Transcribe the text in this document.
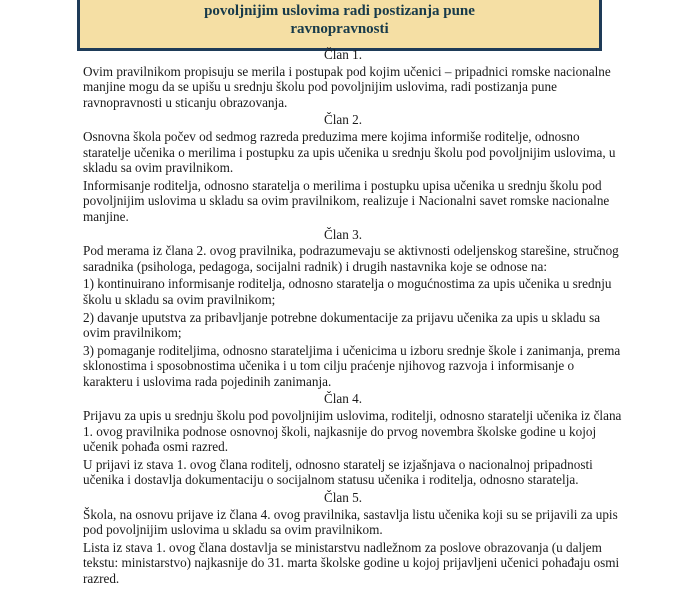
povoljnijim uslovima radi postizanja pune
ravnopravnosti
Član 1.
Ovim pravilnikom propisuju se merila i postupak pod kojim učenici – pripadnici romske nacionalne
manjine mogu da se upišu u srednju školu pod povoljnijim uslovima, radi postizanja pune
ravnopravnosti u sticanju obrazovanja.
Član 2.
Osnovna škola počev od sedmog razreda preduzima mere kojima informiše roditelje, odnosno
staratelje učenika o merilima i postupku za upis učenika u srednju školu pod povoljnijim uslovima, u
skladu sa ovim pravilnikom.
Informisanje roditelja, odnosno staratelja o merilima i postupku upisa učenika u srednju školu pod
povoljnijim uslovima u skladu sa ovim pravilnikom, realizuje i Nacionalni savet romske nacionalne
manjine.
Član 3.
Pod merama iz člana 2. ovog pravilnika, podrazumevaju se aktivnosti odeljenskog starešine, stručnog
saradnika (psihologa, pedagoga, socijalni radnik) i drugih nastavnika koje se odnose na:
1) kontinuirano informisanje roditelja, odnosno staratelja o mogućnostima za upis učenika u srednju
školu u skladu sa ovim pravilnikom;
2) davanje uputstva za pribavljanje potrebne dokumentacije za prijavu učenika za upis u skladu sa
ovim pravilnikom;
3) pomaganje roditeljima, odnosno starateljima i učenicima u izboru srednje škole i zanimanja, prema
sklonostima i sposobnostima učenika i u tom cilju praćenje njihovog razvoja i informisanje o
karakteru i uslovima rada pojedinih zanimanja.
Član 4.
Prijavu za upis u srednju školu pod povoljnijim uslovima, roditelji, odnosno staratelji učenika iz člana
1. ovog pravilnika podnose osnovnoj školi, najkasnije do prvog novembra školske godine u kojoj
učenik pohađa osmi razred.
U prijavi iz stava 1. ovog člana roditelj, odnosno staratelj se izjašnjava o nacionalnoj pripadnosti
učenika i dostavlja dokumentaciju o socijalnom statusu učenika i roditelja, odnosno staratelja.
Član 5.
Škola, na osnovu prijave iz člana 4. ovog pravilnika, sastavlja listu učenika koji su se prijavili za upis
pod povoljnijim uslovima u skladu sa ovim pravilnikom.
Lista iz stava 1. ovog člana dostavlja se ministarstvu nadležnom za poslove obrazovanja (u daljem
tekstu: ministarstvo) najkasnije do 31. marta školske godine u kojoj prijavljeni učenici pohađaju osmi
razred.
